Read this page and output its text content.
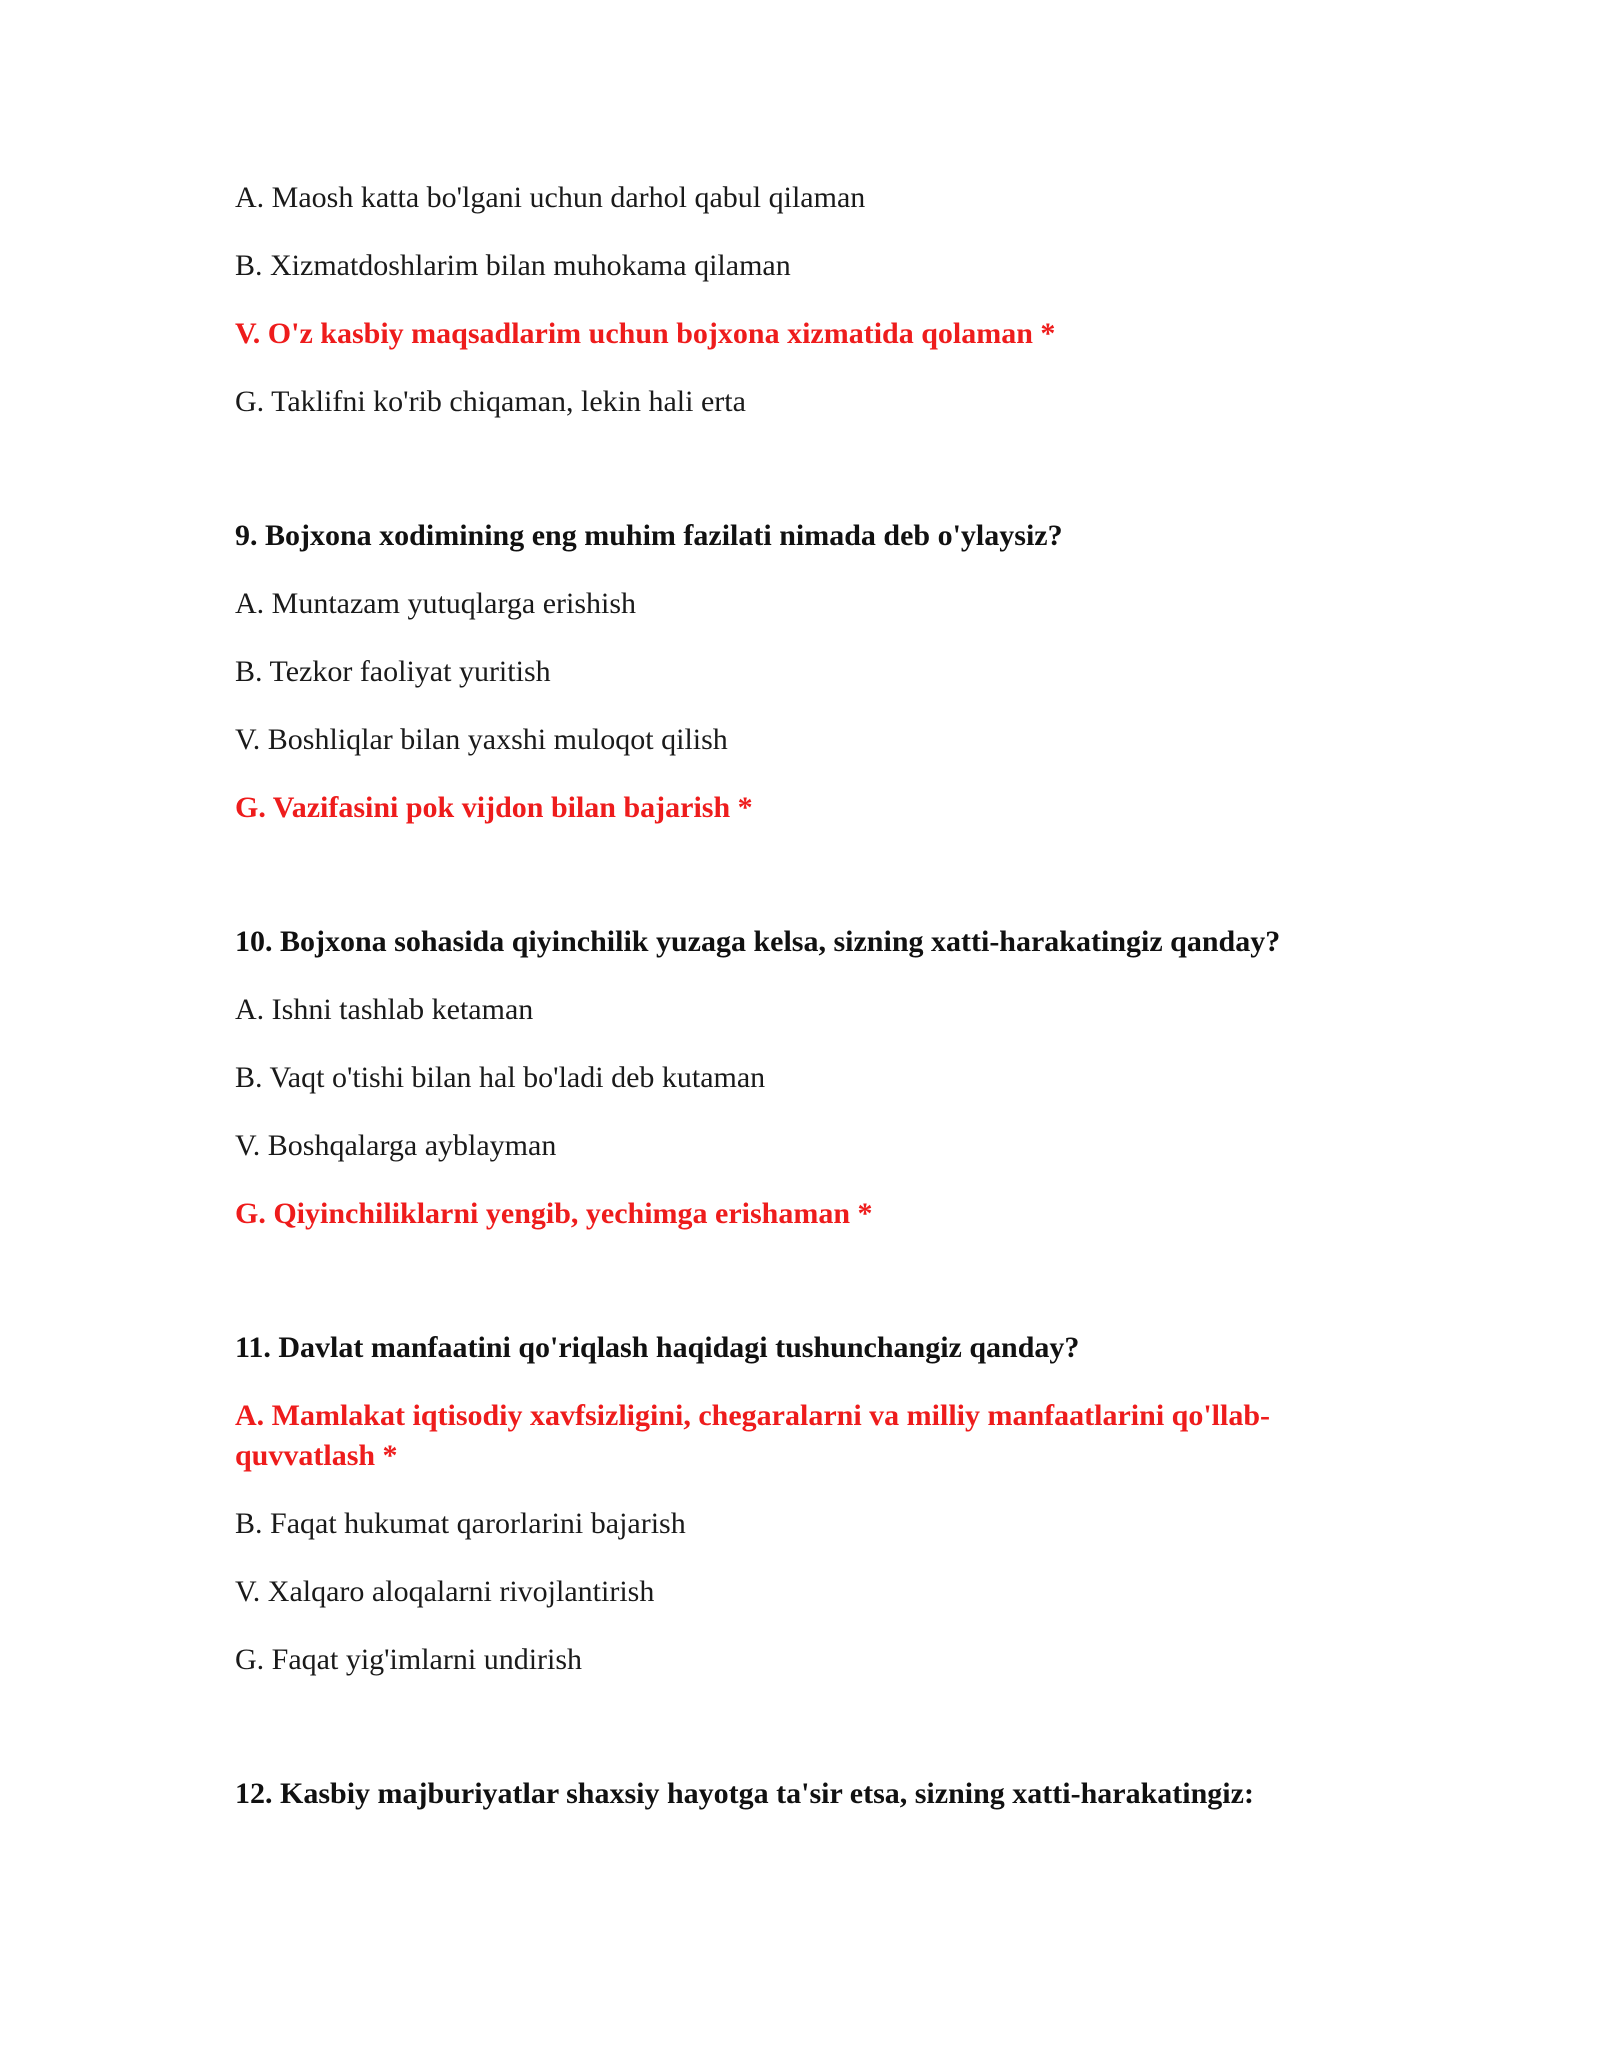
A. Maosh katta bo'lgani uchun darhol qabul qilaman
B. Xizmatdoshlarim bilan muhokama qilaman
V. O'z kasbiy maqsadlarim uchun bojxona xizmatida qolaman *
G. Taklifni ko'rib chiqaman, lekin hali erta
9. Bojxona xodimining eng muhim fazilati nimada deb o'ylaysiz?
A. Muntazam yutuqlarga erishish
B. Tezkor faoliyat yuritish
V. Boshliqlar bilan yaxshi muloqot qilish
G. Vazifasini pok vijdon bilan bajarish *
10. Bojxona sohasida qiyinchilik yuzaga kelsa, sizning xatti-harakatingiz qanday?
A. Ishni tashlab ketaman
B. Vaqt o'tishi bilan hal bo'ladi deb kutaman
V. Boshqalarga ayblayman
G. Qiyinchiliklarni yengib, yechimga erishaman *
11. Davlat manfaatini qo'riqlash haqidagi tushunchangiz qanday?
A. Mamlakat iqtisodiy xavfsizligini, chegaralarni va milliy manfaatlarini qo'llab-quvvatlash *
B. Faqat hukumat qarorlarini bajarish
V. Xalqaro aloqalarni rivojlantirish
G. Faqat yig'imlarni undirish
12. Kasbiy majburiyatlar shaxsiy hayotga ta'sir etsa, sizning xatti-harakatingiz:
